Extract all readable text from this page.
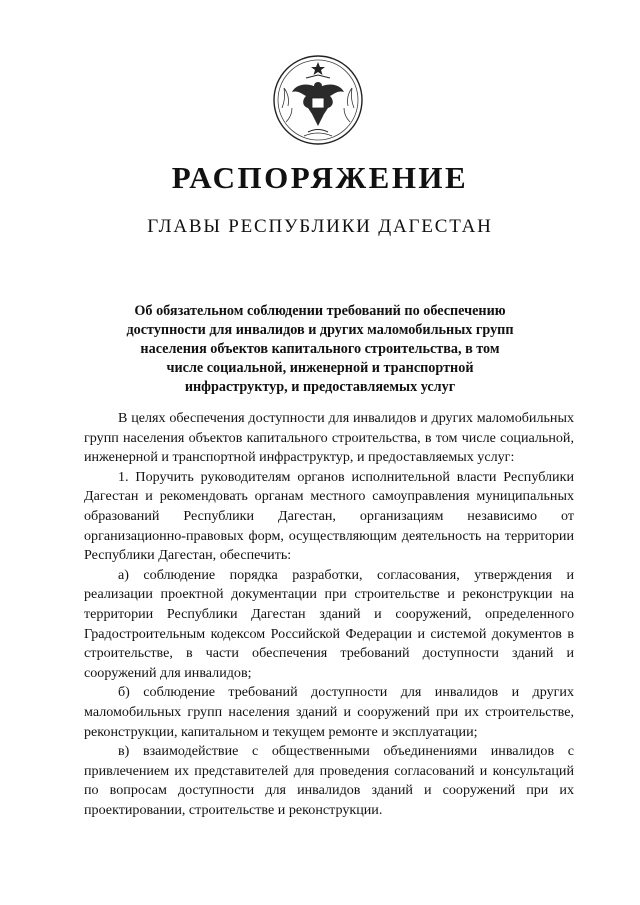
РАСПОРЯЖЕНИЕ
ГЛАВЫ РЕСПУБЛИКИ ДАГЕСТАН
Об обязательном соблюдении требований по обеспечению
доступности для инвалидов и других маломобильных групп
населения объектов капитального строительства, в том
числе социальной, инженерной и транспортной
инфраструктур, и предоставляемых услуг

В целях обеспечения доступности для инвалидов и других маломобильных групп населения объектов капитального строительства, в том числе социальной, инженерной и транспортной инфраструктур, и предоставляемых услуг:

1. Поручить руководителям органов исполнительной власти Республики Дагестан и рекомендовать органам местного самоуправления муниципальных образований Республики Дагестан, организациям независимо от организационно-правовых форм, осуществляющим деятельность на территории Республики Дагестан, обеспечить:

а) соблюдение порядка разработки, согласования, утверждения и реализации проектной документации при строительстве и реконструкции на территории Республики Дагестан зданий и сооружений, определенного Градостроительным кодексом Российской Федерации и системой документов в строительстве, в части обеспечения требований доступности зданий и сооружений для инвалидов;

б) соблюдение требований доступности для инвалидов и других маломобильных групп населения зданий и сооружений при их строительстве, реконструкции, капитальном и текущем ремонте и эксплуатации;

в) взаимодействие с общественными объединениями инвалидов с привлечением их представителей для проведения согласований и консультаций по вопросам доступности для инвалидов зданий и сооружений при их проектировании, строительстве и реконструкции.
